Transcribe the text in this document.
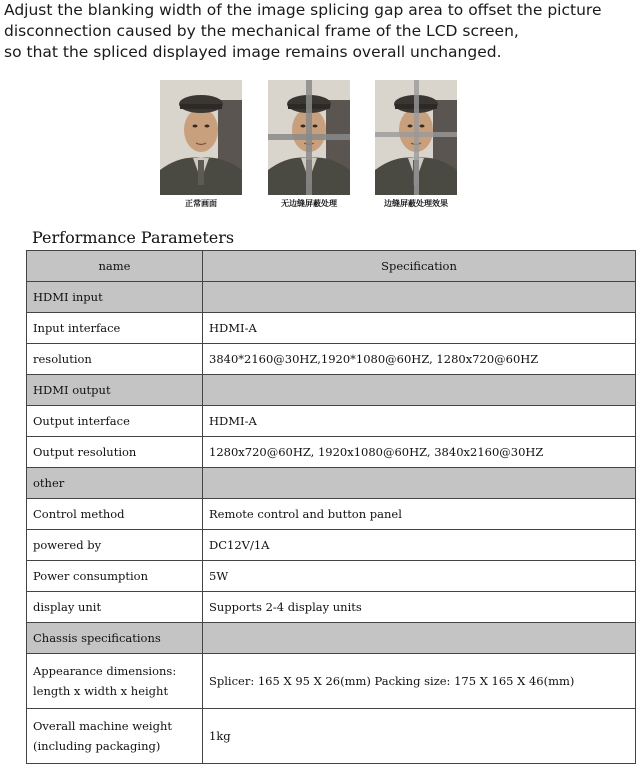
Adjust the blanking width of the image splicing gap area to offset the picture
disconnection caused by the mechanical frame of the LCD screen,
so that the spliced displayed image remains overall unchanged.
正常画面	无边缝屏蔽处理	边缝屏蔽处理效果
Performance Parameters
name	Specification
HDMI input	
Input interface	HDMI-A
resolution	3840*2160@30HZ,1920*1080@60HZ, 1280x720@60HZ
HDMI output	
Output interface	HDMI-A
Output resolution	1280x720@60HZ, 1920x1080@60HZ, 3840x2160@30HZ
other	
Control method	Remote control and button panel
powered by	DC12V/1A
Power consumption	5W
display unit	Supports 2-4 display units
Chassis specifications	

Appearance dimensions:
length x width x height	Splicer: 165 X 95 X 26(mm) Packing size: 175 X 165 X 46(mm)

Overall machine weight
(including packaging)	1kg
